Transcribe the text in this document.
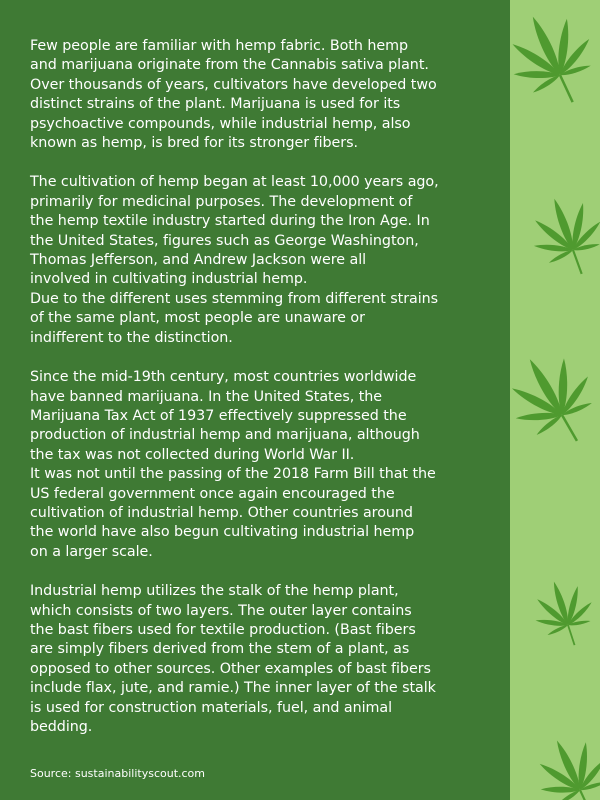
Few people are familiar with hemp fabric. Both hemp
and marijuana originate from the Cannabis sativa plant.
Over thousands of years, cultivators have developed two
distinct strains of the plant. Marijuana is used for its
psychoactive compounds, while industrial hemp, also
known as hemp, is bred for its stronger fibers.
The cultivation of hemp began at least 10,000 years ago,
primarily for medicinal purposes. The development of
the hemp textile industry started during the Iron Age. In
the United States, figures such as George Washington,
Thomas Jefferson, and Andrew Jackson were all
involved in cultivating industrial hemp.
Due to the different uses stemming from different strains
of the same plant, most people are unaware or
indifferent to the distinction.
Since the mid-19th century, most countries worldwide
have banned marijuana. In the United States, the
Marijuana Tax Act of 1937 effectively suppressed the
production of industrial hemp and marijuana, although
the tax was not collected during World War II.
It was not until the passing of the 2018 Farm Bill that the
US federal government once again encouraged the
cultivation of industrial hemp. Other countries around
the world have also begun cultivating industrial hemp
on a larger scale.
Industrial hemp utilizes the stalk of the hemp plant,
which consists of two layers. The outer layer contains
the bast fibers used for textile production. (Bast fibers
are simply fibers derived from the stem of a plant, as
opposed to other sources. Other examples of bast fibers
include flax, jute, and ramie.) The inner layer of the stalk
is used for construction materials, fuel, and animal
bedding.
Source: sustainabilityscout.com
